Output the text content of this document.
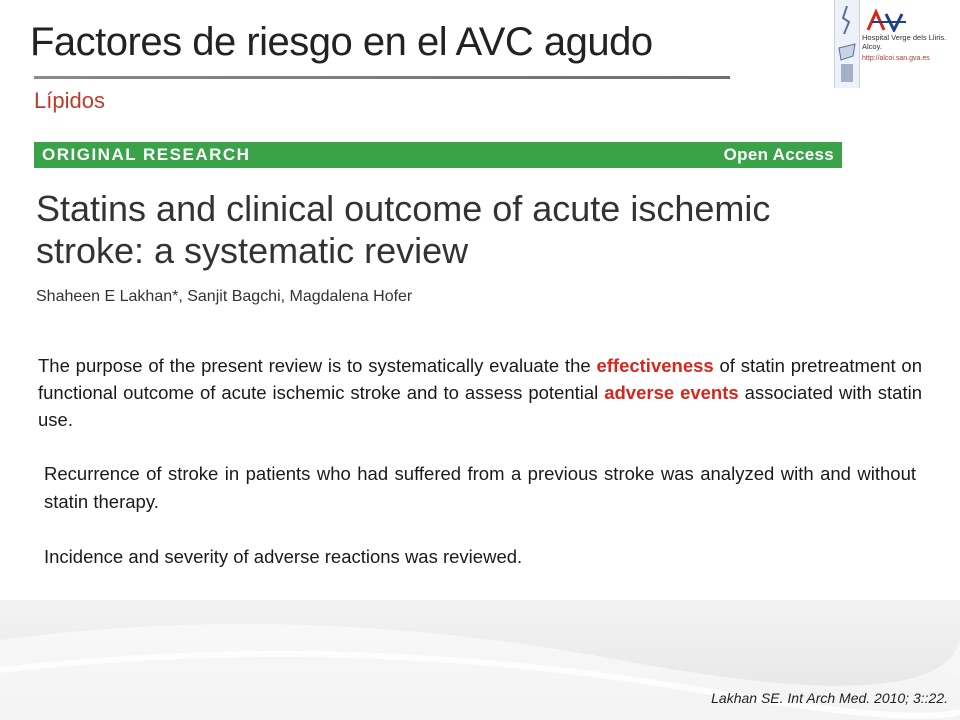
Factores de riesgo en el AVC agudo
Lípidos
Hospital Verge dels Lliris. Alcoy.
http://alcoi.san.gva.es
ORIGINAL RESEARCH	Open Access
Statins and clinical outcome of acute ischemic stroke: a systematic review
Shaheen E Lakhan*, Sanjit Bagchi, Magdalena Hofer
The purpose of the present review is to systematically evaluate the effectiveness of statin pretreatment on functional outcome of acute ischemic stroke and to assess potential adverse events associated with statin use.
Recurrence of stroke in patients who had suffered from a previous stroke was analyzed with and without statin therapy.
Incidence and severity of adverse reactions was reviewed.
Lakhan SE. Int Arch Med. 2010; 3::22.
